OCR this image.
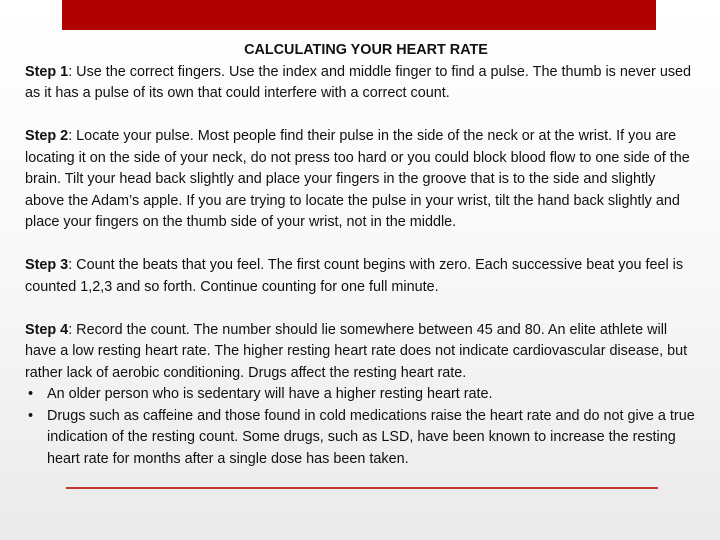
CALCULATING YOUR HEART RATE

Step 1: Use the correct fingers. Use the index and middle finger to find a pulse. The thumb is never used as it has a pulse of its own that could interfere with a correct count.

Step 2: Locate your pulse. Most people find their pulse in the side of the neck or at the wrist. If you are locating it on the side of your neck, do not press too hard or you could block blood flow to one side of the brain. Tilt your head back slightly and place your fingers in the groove that is to the side and slightly above the Adam’s apple. If you are trying to locate the pulse in your wrist, tilt the hand back slightly and place your fingers on the thumb side of your wrist, not in the middle.

Step 3: Count the beats that you feel. The first count begins with zero. Each successive beat you feel is counted 1,2,3 and so forth. Continue counting for one full minute.

Step 4: Record the count. The number should lie somewhere between 45 and 80. An elite athlete will have a low resting heart rate. The higher resting heart rate does not indicate cardiovascular disease, but rather lack of aerobic conditioning. Drugs affect the resting heart rate.

• An older person who is sedentary will have a higher resting heart rate.
• Drugs such as caffeine and those found in cold medications raise the heart rate and do not give a true indication of the resting count. Some drugs, such as LSD, have been known to increase the resting heart rate for months after a single dose has been taken.
